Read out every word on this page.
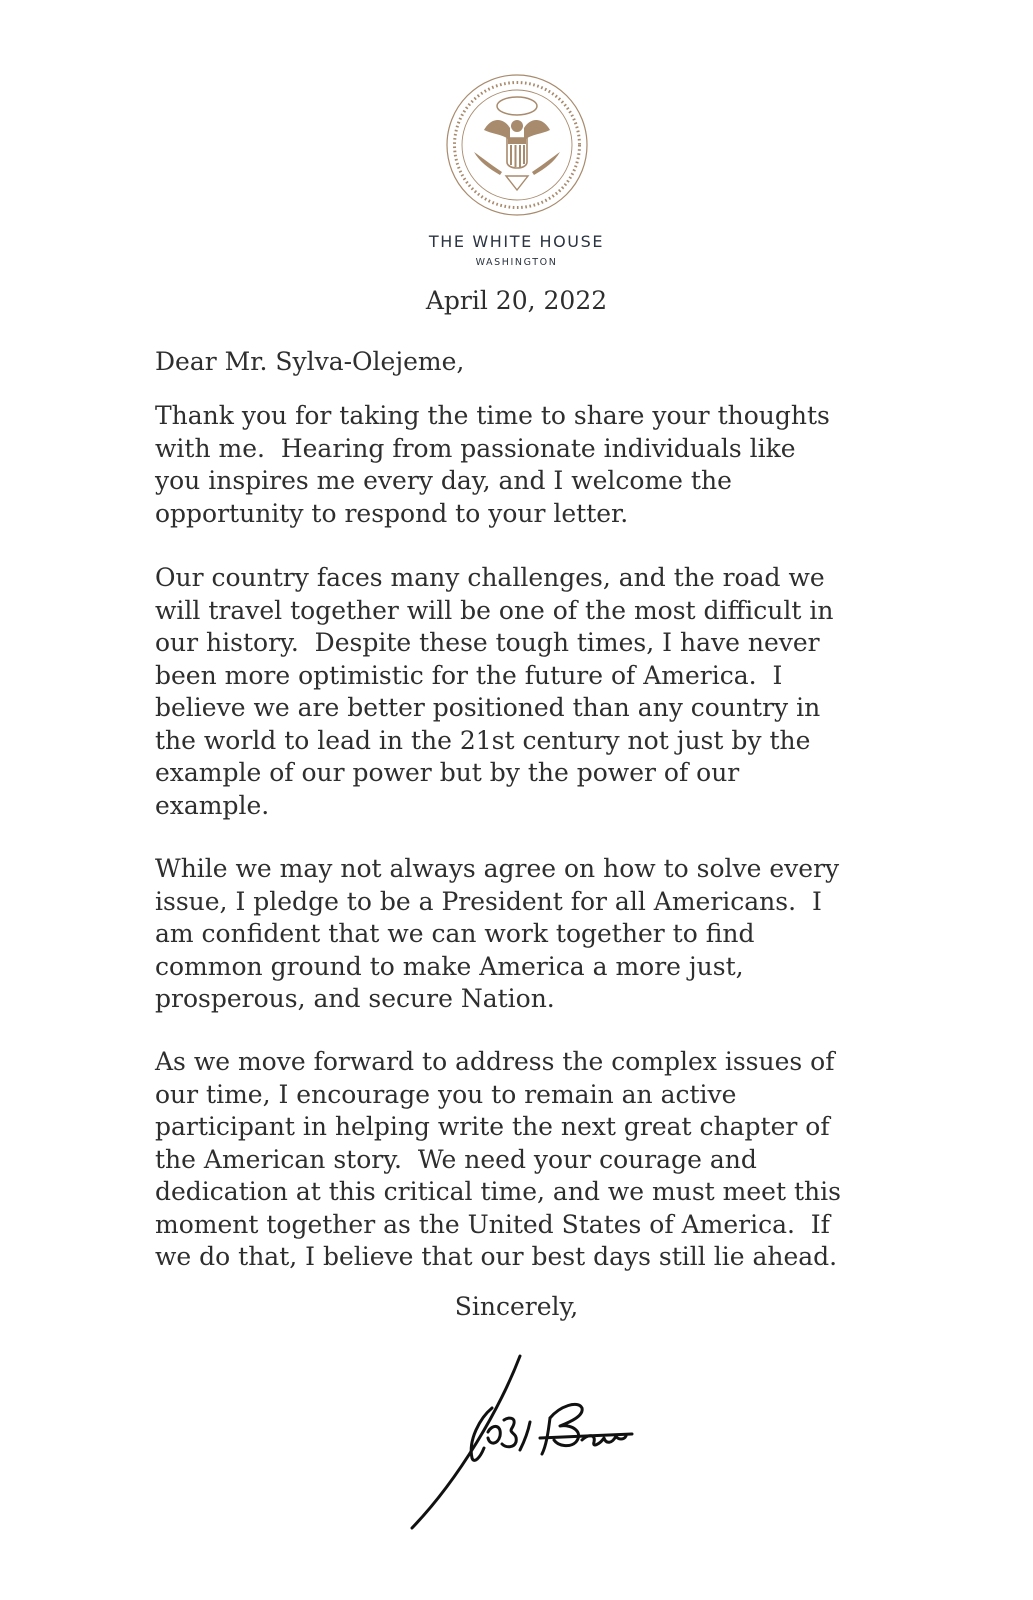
THE WHITE HOUSE
WASHINGTON
April 20, 2022

Dear Mr. Sylva-Olejeme,

Thank you for taking the time to share your thoughts
with me.  Hearing from passionate individuals like
you inspires me every day, and I welcome the
opportunity to respond to your letter.

Our country faces many challenges, and the road we
will travel together will be one of the most difficult in
our history.  Despite these tough times, I have never
been more optimistic for the future of America.  I
believe we are better positioned than any country in
the world to lead in the 21st century not just by the
example of our power but by the power of our
example.

While we may not always agree on how to solve every
issue, I pledge to be a President for all Americans.  I
am confident that we can work together to find
common ground to make America a more just,
prosperous, and secure Nation.

As we move forward to address the complex issues of
our time, I encourage you to remain an active
participant in helping write the next great chapter of
the American story.  We need your courage and
dedication at this critical time, and we must meet this
moment together as the United States of America.  If
we do that, I believe that our best days still lie ahead.

Sincerely,
